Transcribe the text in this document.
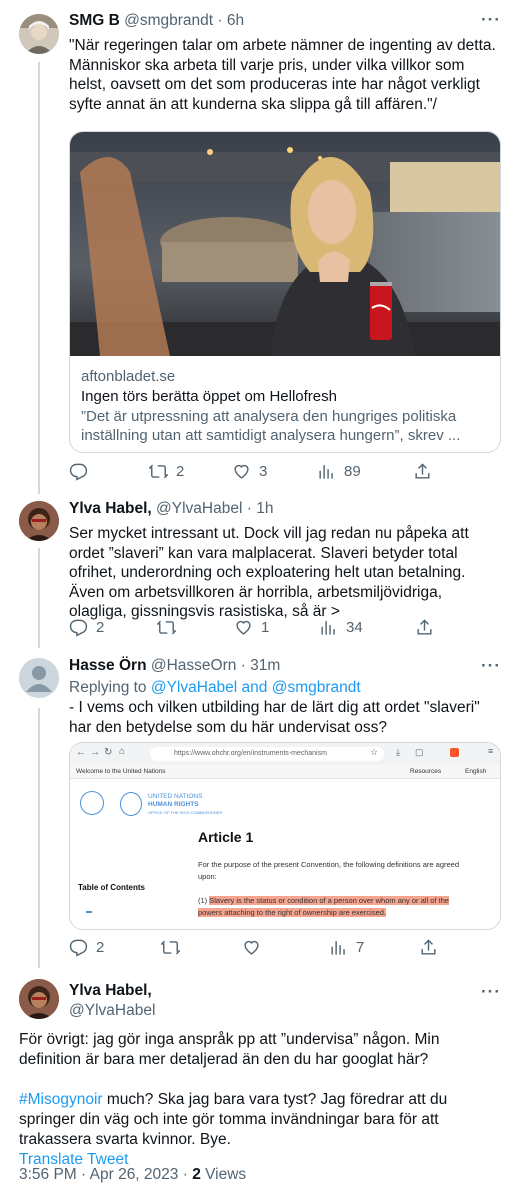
SMG B @smgbrandt · 6h	···
"När regeringen talar om arbete nämner de ingenting av detta. Människor ska arbeta till varje pris, under vilka villkor som helst, oavsett om det som produceras inte har något verkligt syfte annat än att kunderna ska slippa gå till affären."/
aftonbladet.se
Ingen törs berätta öppet om Hellofresh
”Det är utpressning att analysera den hungriges politiska inställning utan att samtidigt analysera hungern”, skrev ...
2	3	89
Ylva Habel, @YlvaHabel · 1h
Ser mycket intressant ut. Dock vill jag redan nu påpeka att ordet ”slaveri” kan vara malplacerat. Slaveri betyder total ofrihet, underordning och exploatering helt utan betalning. Även om arbetsvillkoren är horribla, arbetsmiljövidriga, olagliga, gissningsvis rasistiska, så är >
2	1	34
Hasse Örn @HasseOrn · 31m	···
Replying to @YlvaHabel and @smgbrandt
- I vems och vilken utbilding har de lärt dig att ordet "slaveri" har den betydelse som du här undervisat oss?
← → ↻ ⌂	https://www.ohchr.org/en/instruments-mechanism	☆ ⤓ ▢	≡
Welcome to the United Nations	Resources	English
UNITED NATIONS
HUMAN RIGHTS
OFFICE OF THE HIGH COMMISSIONER
Article 1
For the purpose of the present Convention, the following definitions are agreed upon:
Table of Contents
(1) Slavery is the status or condition of a person over whom any or all of the powers attaching to the right of ownership are exercised.
2	7
Ylva Habel,
@YlvaHabel
···
För övrigt: jag gör inga anspråk pp att ”undervisa” någon. Min definition är bara mer detaljerad än den du har googlat här?
#Misogynoir much? Ska jag bara vara tyst? Jag föredrar att du springer din väg och inte gör tomma invändningar bara för att trakassera svarta kvinnor. Bye.
Translate Tweet
3:56 PM · Apr 26, 2023 · 2 Views
